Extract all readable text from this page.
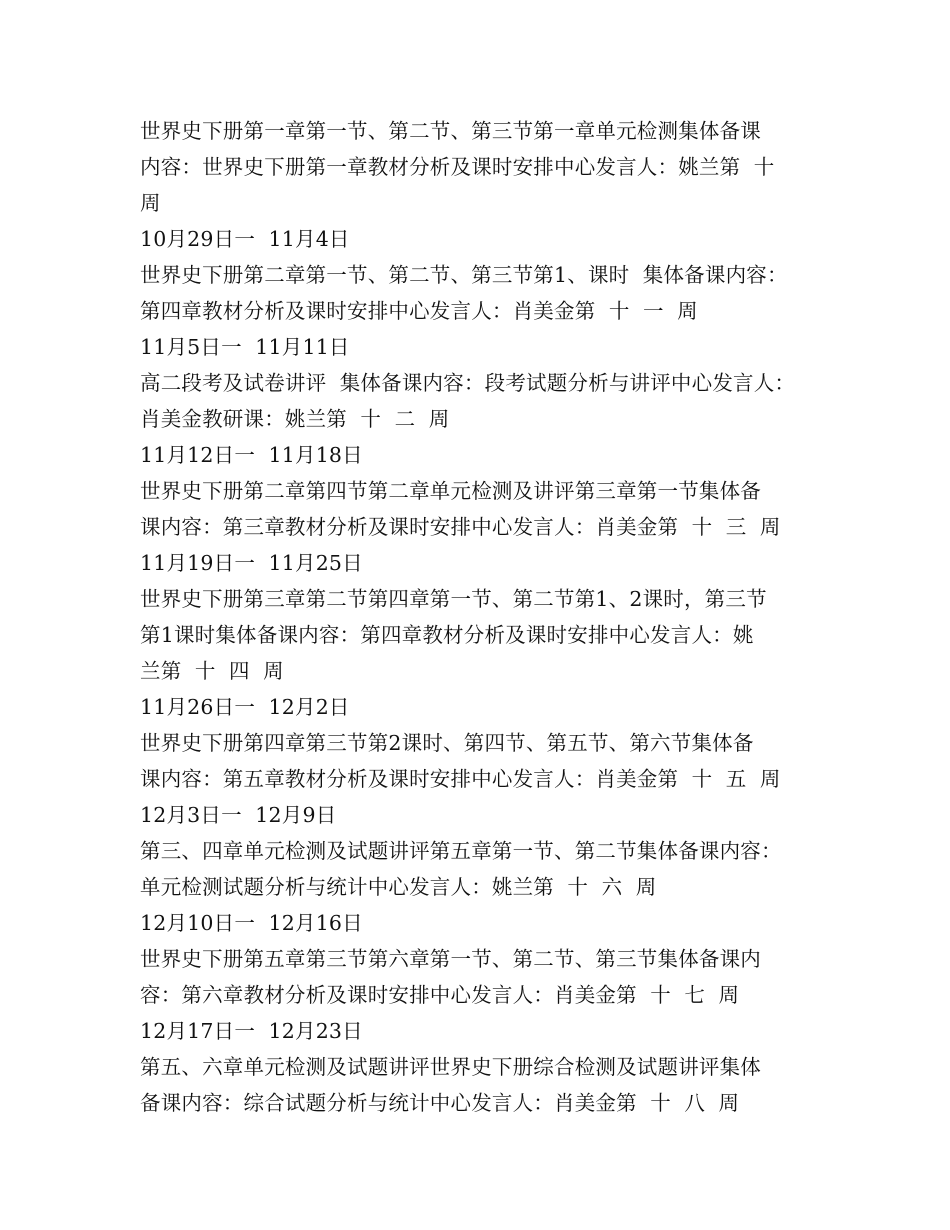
世界史下册第一章第一节、第二节、第三节第一章单元检测集体备课
内容：世界史下册第一章教材分析及课时安排中心发言人：姚兰第  十
周
10月29日一  11月4日
世界史下册第二章第一节、第二节、第三节第1、课时  集体备课内容：
第四章教材分析及课时安排中心发言人：肖美金第  十  一  周
11月5日一  11月11日
高二段考及试卷讲评  集体备课内容：段考试题分析与讲评中心发言人：
肖美金教研课：姚兰第  十  二  周
11月12日一  11月18日
世界史下册第二章第四节第二章单元检测及讲评第三章第一节集体备
课内容：第三章教材分析及课时安排中心发言人：肖美金第  十  三  周
11月19日一  11月25日
世界史下册第三章第二节第四章第一节、第二节第1、2课时，第三节
第1课时集体备课内容：第四章教材分析及课时安排中心发言人：姚
兰第  十  四  周
11月26日一  12月2日
世界史下册第四章第三节第2课时、第四节、第五节、第六节集体备
课内容：第五章教材分析及课时安排中心发言人：肖美金第  十  五  周
12月3日一  12月9日
第三、四章单元检测及试题讲评第五章第一节、第二节集体备课内容：
单元检测试题分析与统计中心发言人：姚兰第  十  六  周
12月10日一  12月16日
世界史下册第五章第三节第六章第一节、第二节、第三节集体备课内
容：第六章教材分析及课时安排中心发言人：肖美金第  十  七  周
12月17日一  12月23日
第五、六章单元检测及试题讲评世界史下册综合检测及试题讲评集体
备课内容：综合试题分析与统计中心发言人：肖美金第  十  八  周
